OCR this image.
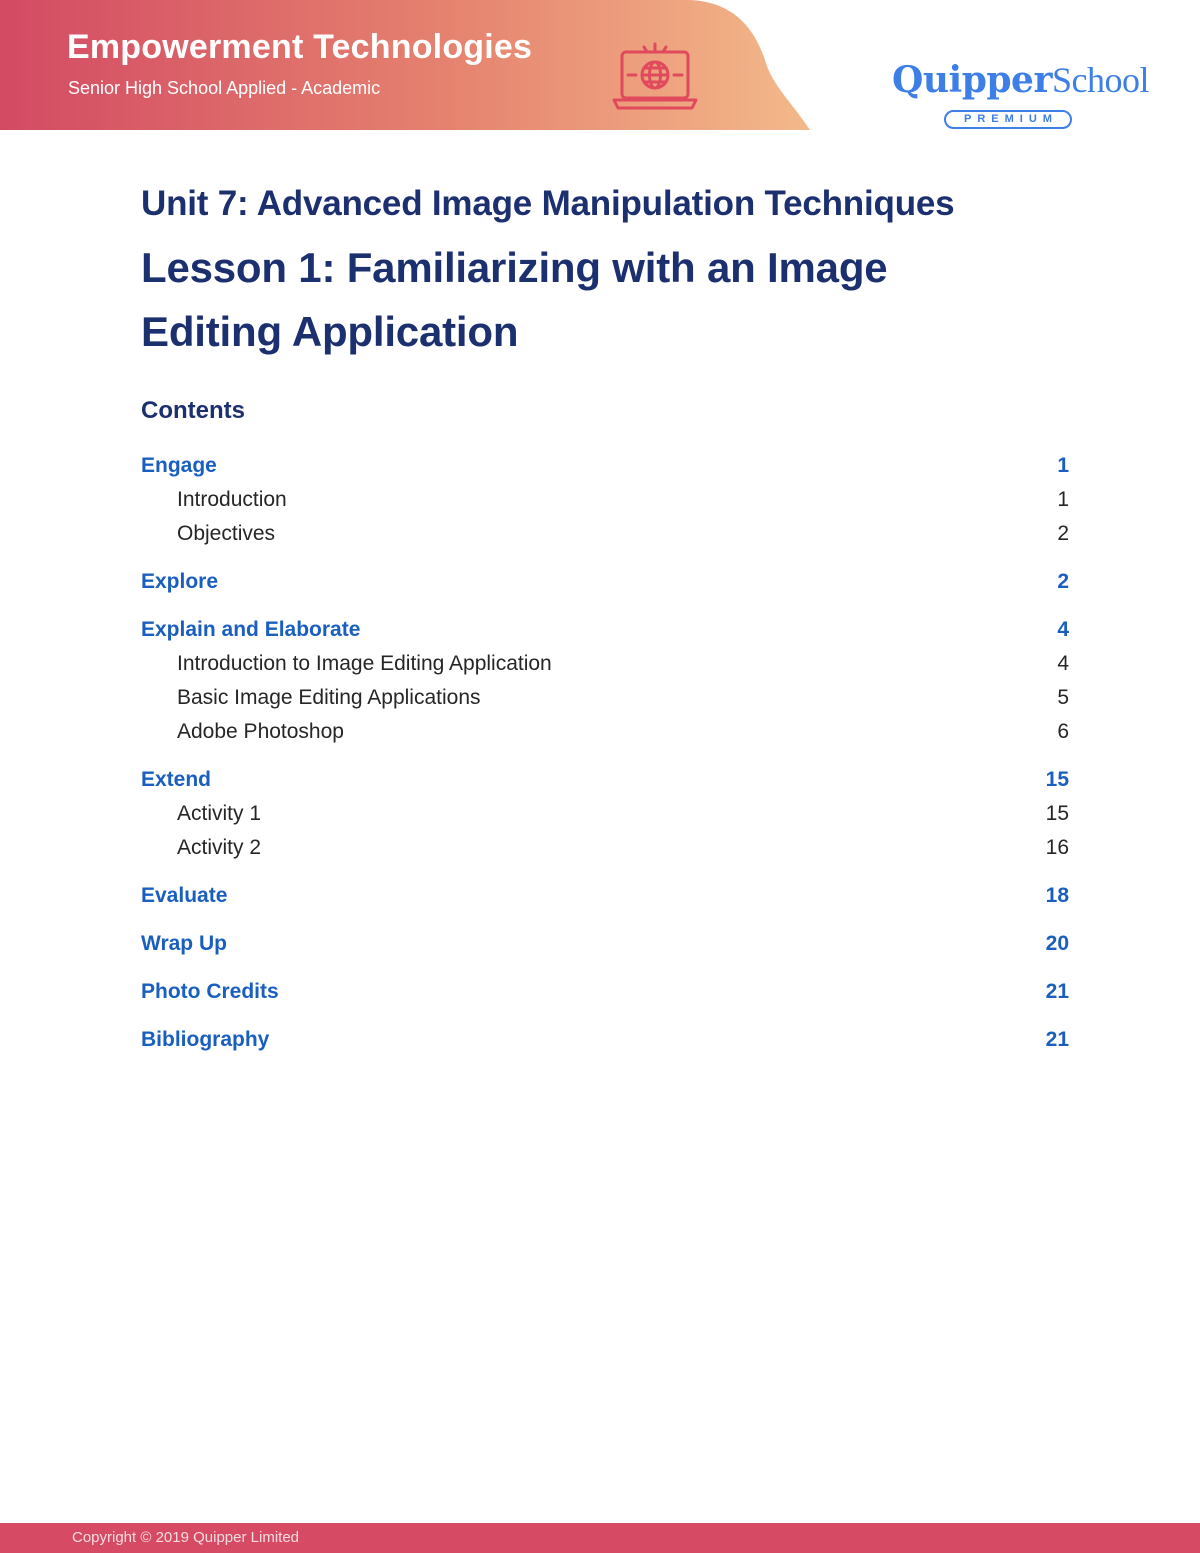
Empowerment Technologies
Senior High School Applied - Academic	QuipperSchool
PREMIUM
Unit 7: Advanced Image Manipulation Techniques
Lesson 1: Familiarizing with an Image
Editing Application
Contents
Engage	1
Introduction	1
Objectives	2
Explore	2
Explain and Elaborate	4
Introduction to Image Editing Application	4
Basic Image Editing Applications	5
Adobe Photoshop	6
Extend	15
Activity 1	15
Activity 2	16
Evaluate	18
Wrap Up	20
Photo Credits	21
Bibliography	21
Copyright © 2019 Quipper Limited
